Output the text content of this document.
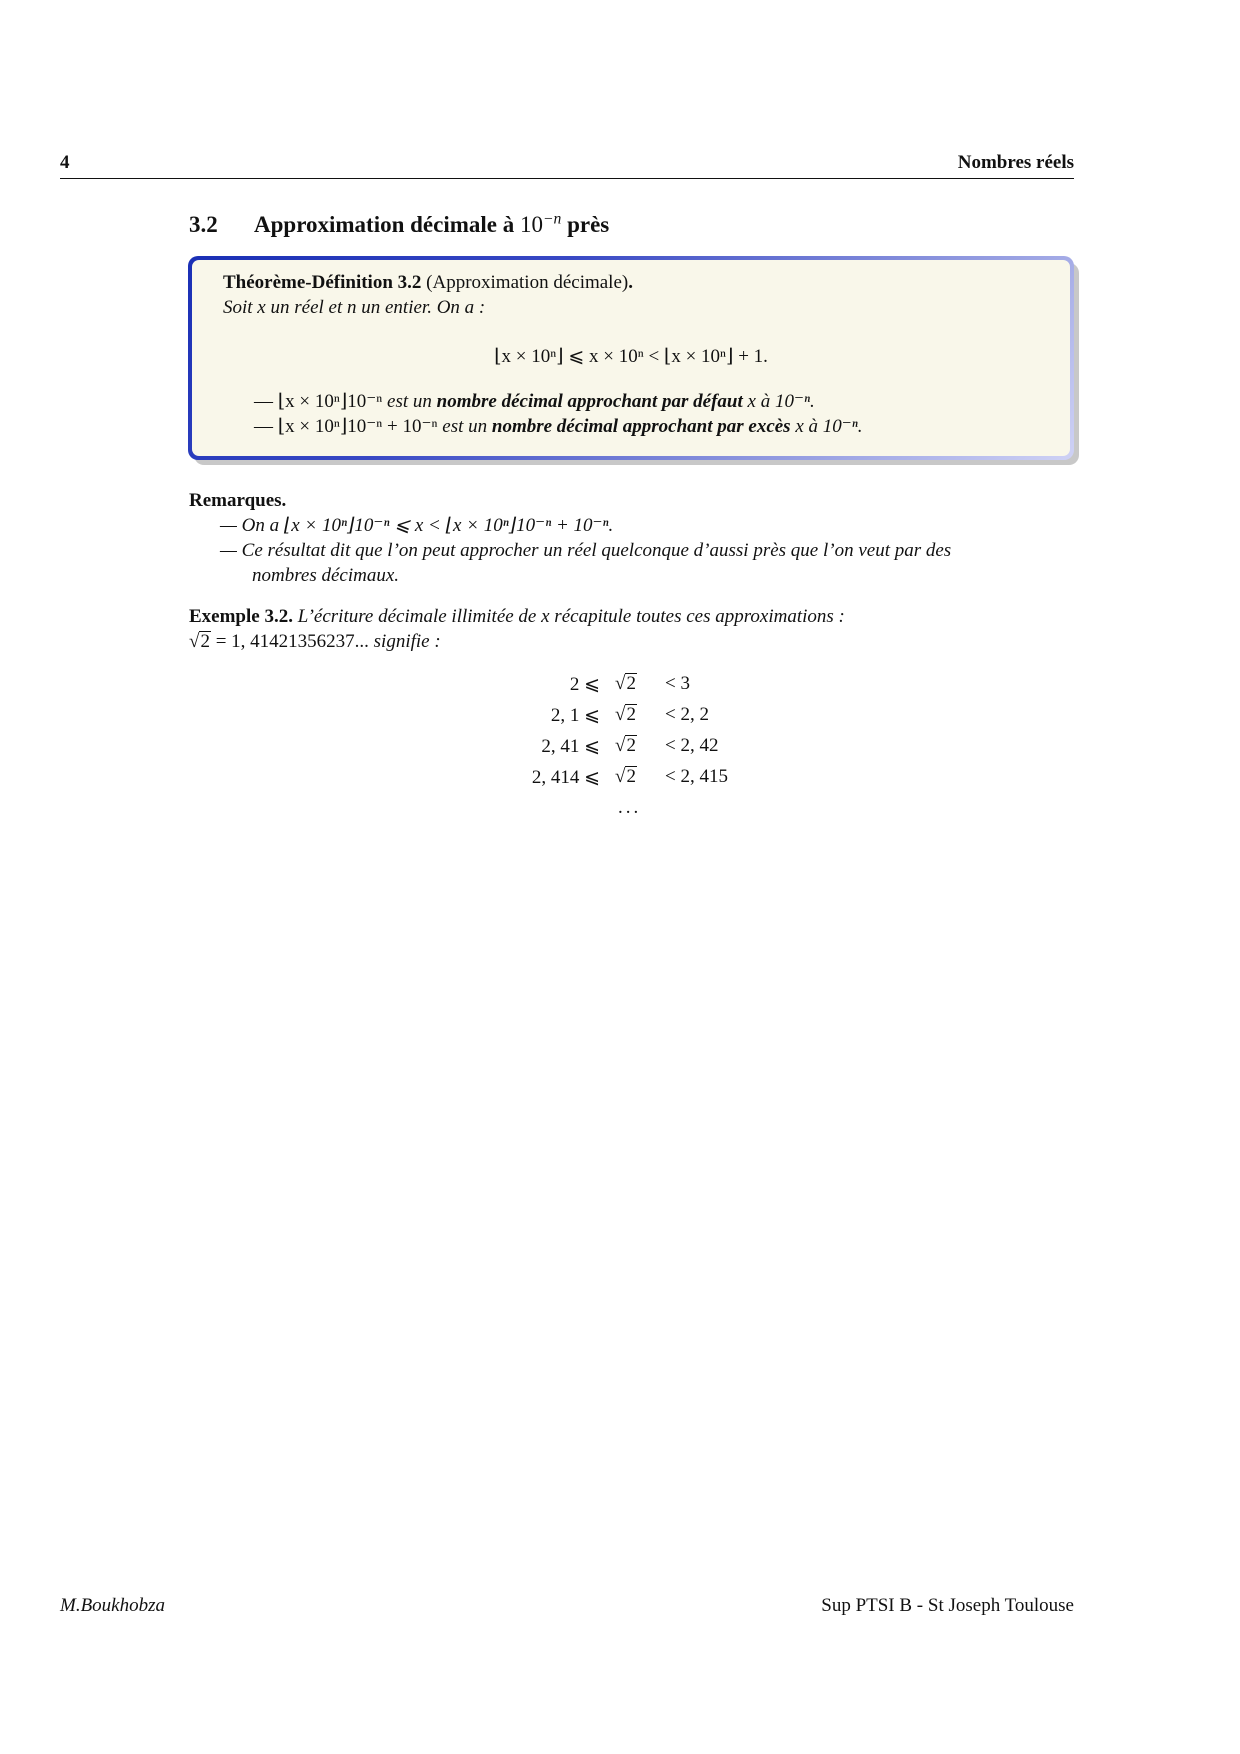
4	Nombres réels
3.2 Approximation décimale à $10^{-n}$ près
Théorème-Définition 3.2 (Approximation décimale).
Soit x un réel et n un entier. On a :
⌊x × 10ⁿ⌋ ⩽ x × 10ⁿ < ⌊x × 10ⁿ⌋ + 1.
— ⌊x × 10ⁿ⌋10⁻ⁿ est un nombre décimal approchant par défaut x à 10⁻ⁿ.
— ⌊x × 10ⁿ⌋10⁻ⁿ + 10⁻ⁿ est un nombre décimal approchant par excès x à 10⁻ⁿ.
Remarques.
— On a ⌊x × 10ⁿ⌋10⁻ⁿ ⩽ x < ⌊x × 10ⁿ⌋10⁻ⁿ + 10⁻ⁿ.
— Ce résultat dit que l’on peut approcher un réel quelconque d’aussi près que l’on veut par des
nombres décimaux.
Exemple 3.2. L’écriture décimale illimitée de x récapitule toutes ces approximations :
√2 = 1, 41421356237... signifie :
2 ⩽ √2 < 3
2, 1 ⩽ √2 < 2, 2
2, 41 ⩽ √2 < 2, 42
2, 414 ⩽ √2 < 2, 415
...
M.Boukhobza	Sup PTSI B - St Joseph Toulouse
